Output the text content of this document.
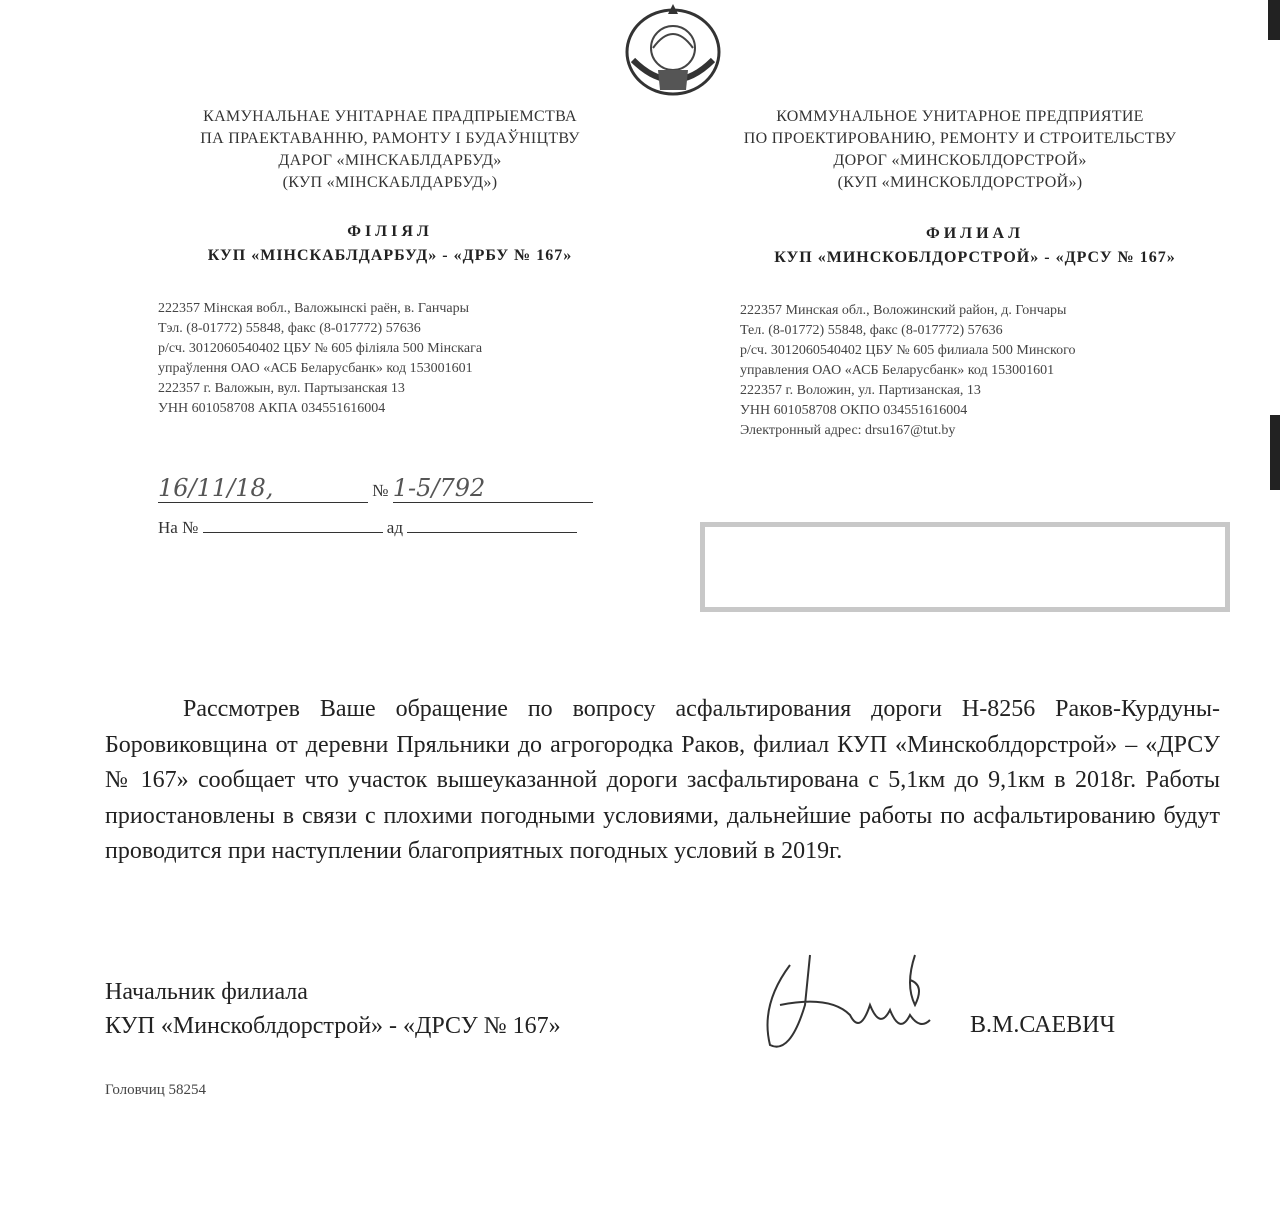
КАМУНАЛЬНАЕ УНІТАРНАЕ ПРАДПРЫЕМСТВА
ПА ПРАЕКТАВАННЮ, РАМОНТУ І БУДАЎНІЦТВУ
ДАРОГ «МІНСКАБЛДАРБУД»
(КУП «МІНСКАБЛДАРБУД»)
ФІЛІЯЛ
КУП «МІНСКАБЛДАРБУД» - «ДРБУ № 167»
222357 Мінская вобл., Валожынскі раён, в. Ганчары
Тэл. (8-01772) 55848, факс (8-017772) 57636
р/сч. 3012060540402 ЦБУ № 605 філіяла 500 Мінскага
упраўлення ОАО «АСБ Беларусбанк» код 153001601
222357 г. Валожын, вул. Партызанская 13
УНН 601058708 АКПА 034551616004
КОММУНАЛЬНОЕ УНИТАРНОЕ ПРЕДПРИЯТИЕ
ПО ПРОЕКТИРОВАНИЮ, РЕМОНТУ И СТРОИТЕЛЬСТВУ
ДОРОГ «МИНСКОБЛДОРСТРОЙ»
(КУП «МИНСКОБЛДОРСТРОЙ»)
ФИЛИАЛ
КУП «МИНСКОБЛДОРСТРОЙ» - «ДРСУ № 167»
222357 Минская обл., Воложинский район, д. Гончары
Тел. (8-01772) 55848, факс (8-017772) 57636
р/сч. 3012060540402 ЦБУ № 605 филиала 500 Минского
управления ОАО «АСБ Беларусбанк» код 153001601
222357 г. Воложин, ул. Партизанская, 13
УНН 601058708 ОКПО 034551616004
Электронный адрес: drsu167@tut.by
16/11/18,	№ 1-5/792
На №	ад
Рассмотрев Ваше обращение по вопросу асфальтирования дороги Н-8256 Раков-Курдуны-Боровиковщина от деревни Пряльники до агрогородка Раков, филиал КУП «Минскоблдорстрой» – «ДРСУ № 167» сообщает что участок вышеуказанной дороги засфальтирована с 5,1км до 9,1км в 2018г. Работы приостановлены в связи с плохими погодными условиями, дальнейшие работы по асфальтированию будут проводится при наступлении благоприятных погодных условий в 2019г.
Начальник филиала
КУП «Минскоблдорстрой» - «ДРСУ № 167»	В.М.САЕВИЧ
Головчиц 58254
